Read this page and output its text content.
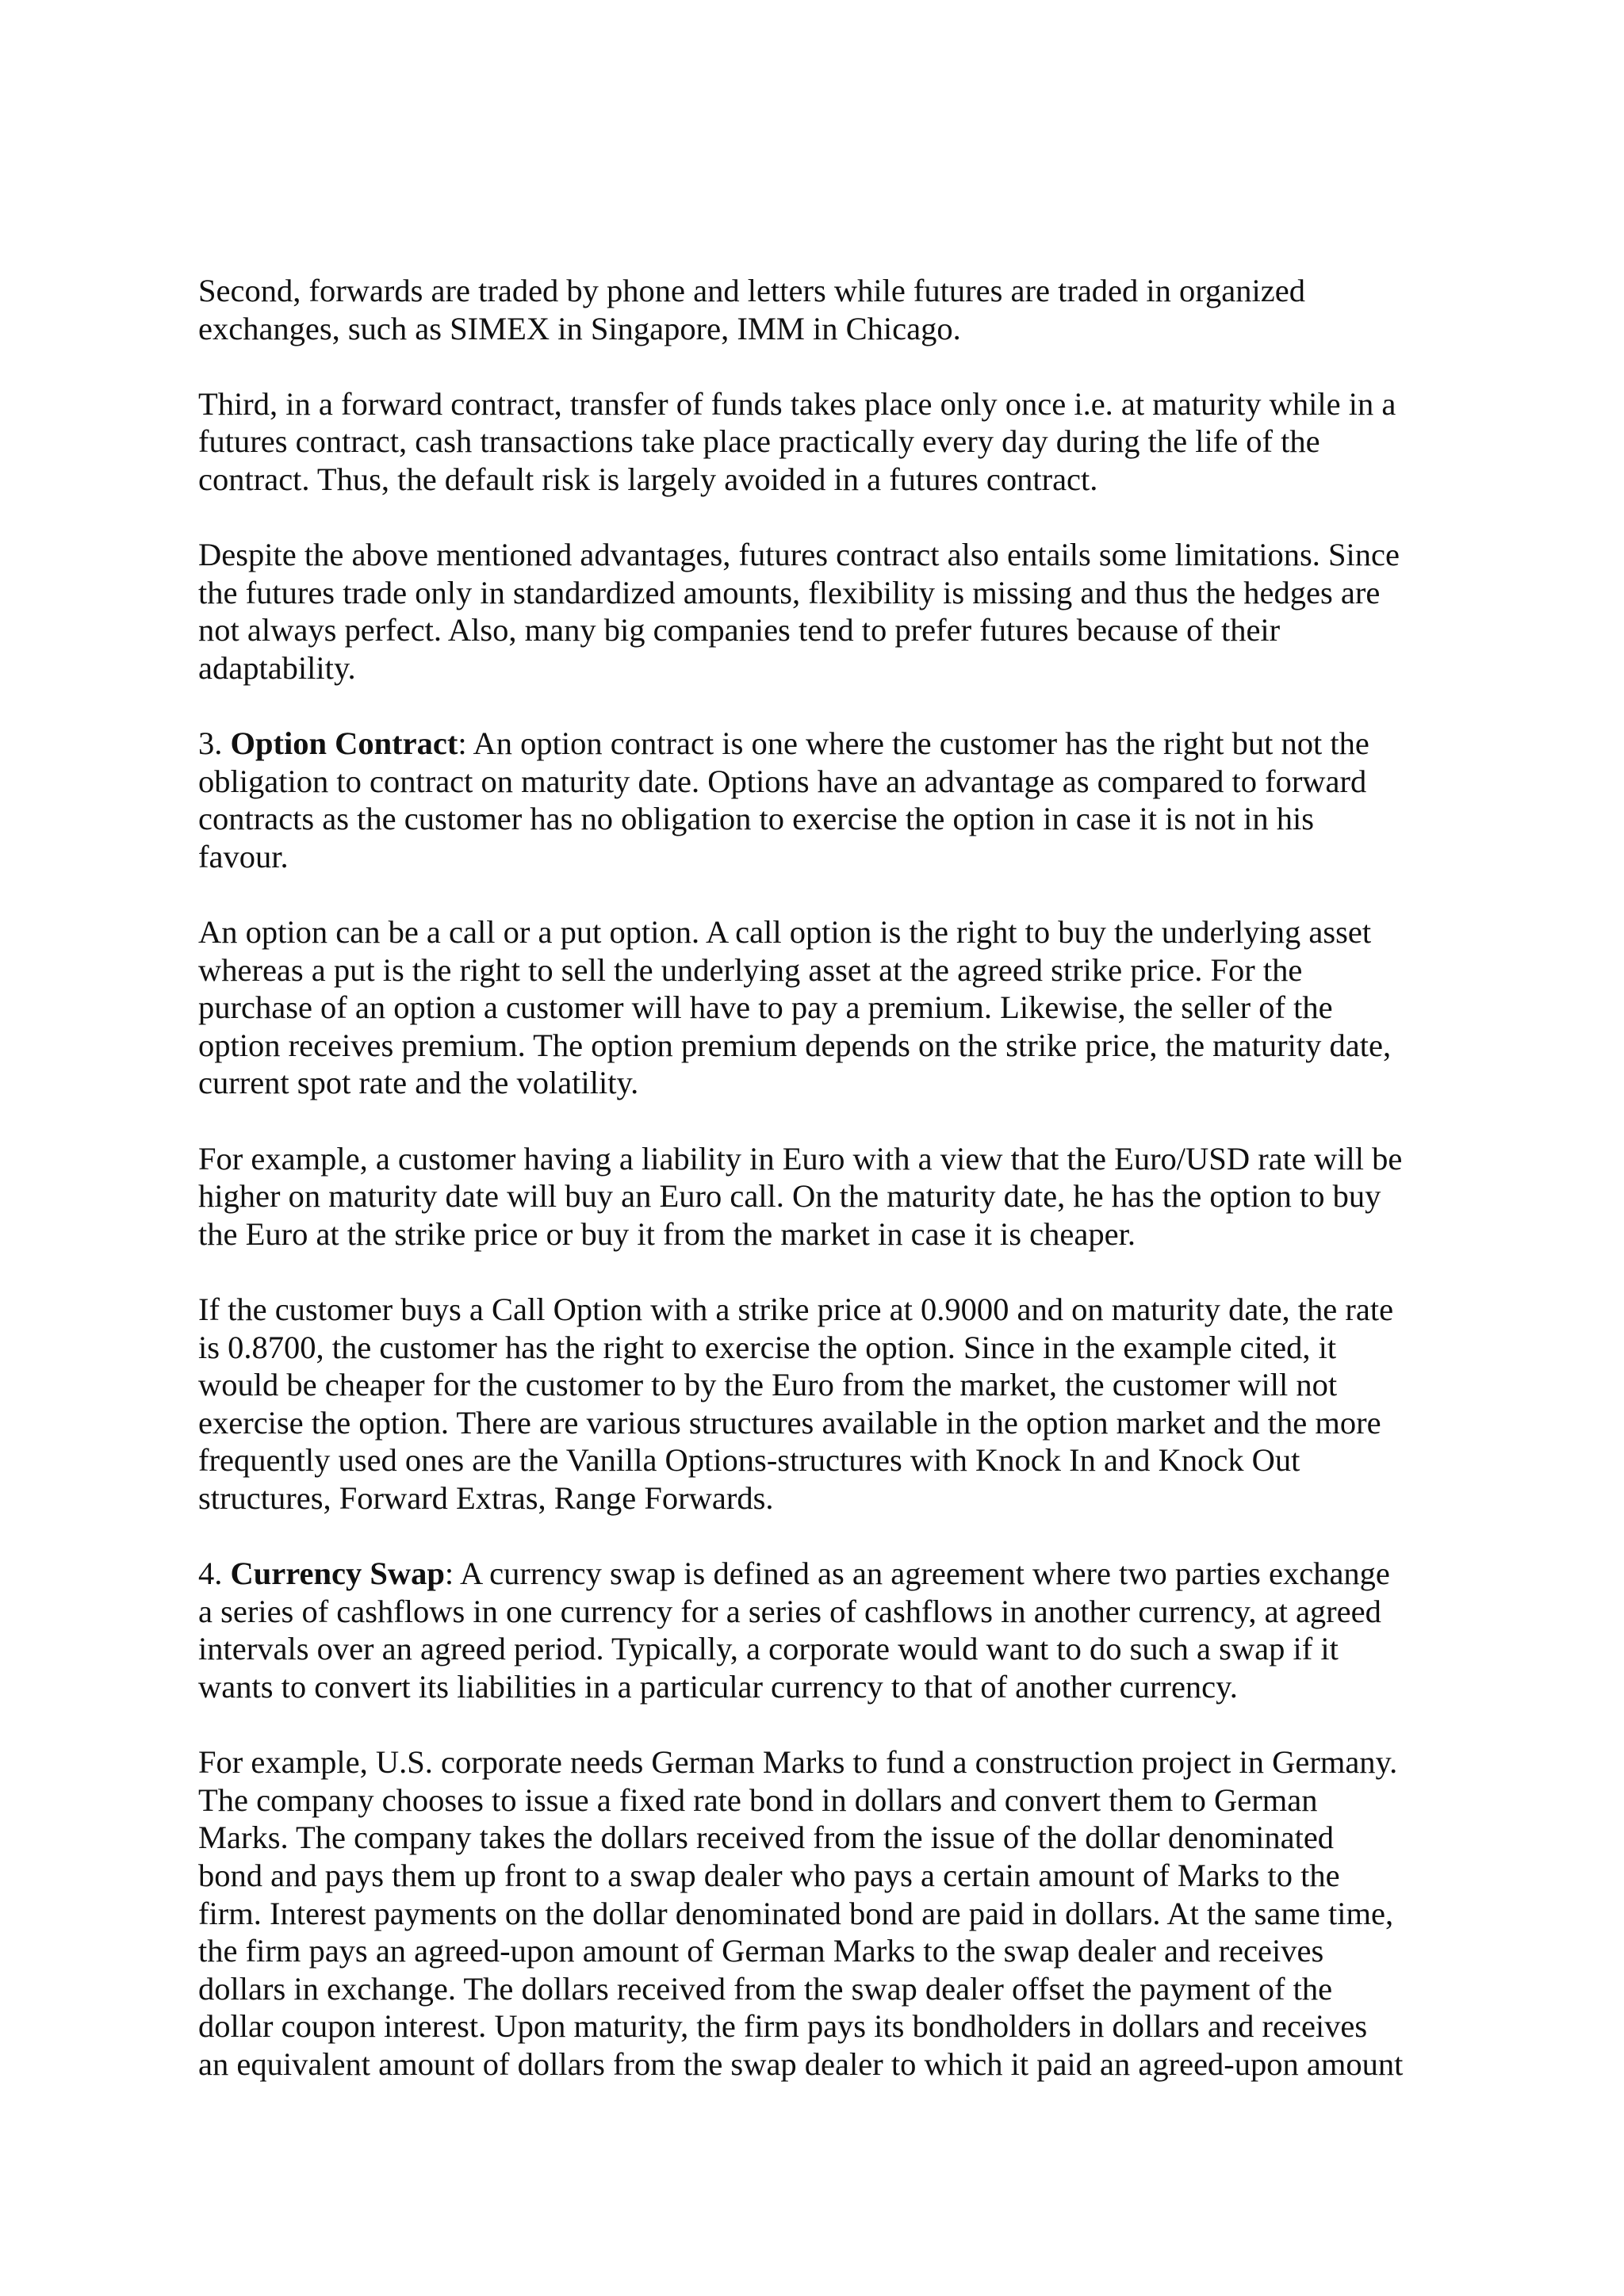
Second, forwards are traded by phone and letters while futures are traded in organized
exchanges, such as SIMEX in Singapore, IMM in Chicago.

Third, in a forward contract, transfer of funds takes place only once i.e. at maturity while in a
futures contract, cash transactions take place practically every day during the life of the
contract. Thus, the default risk is largely avoided in a futures contract.

Despite the above mentioned advantages, futures contract also entails some limitations. Since
the futures trade only in standardized amounts, flexibility is missing and thus the hedges are
not always perfect. Also, many big companies tend to prefer futures because of their
adaptability.

3. Option Contract: An option contract is one where the customer has the right but not the
obligation to contract on maturity date. Options have an advantage as compared to forward
contracts as the customer has no obligation to exercise the option in case it is not in his
favour.

An option can be a call or a put option. A call option is the right to buy the underlying asset
whereas a put is the right to sell the underlying asset at the agreed strike price. For the
purchase of an option a customer will have to pay a premium. Likewise, the seller of the
option receives premium. The option premium depends on the strike price, the maturity date,
current spot rate and the volatility.

For example, a customer having a liability in Euro with a view that the Euro/USD rate will be
higher on maturity date will buy an Euro call. On the maturity date, he has the option to buy
the Euro at the strike price or buy it from the market in case it is cheaper.

If the customer buys a Call Option with a strike price at 0.9000 and on maturity date, the rate
is 0.8700, the customer has the right to exercise the option. Since in the example cited, it
would be cheaper for the customer to by the Euro from the market, the customer will not
exercise the option. There are various structures available in the option market and the more
frequently used ones are the Vanilla Options-structures with Knock In and Knock Out
structures, Forward Extras, Range Forwards.

4. Currency Swap: A currency swap is defined as an agreement where two parties exchange
a series of cashflows in one currency for a series of cashflows in another currency, at agreed
intervals over an agreed period. Typically, a corporate would want to do such a swap if it
wants to convert its liabilities in a particular currency to that of another currency.

For example, U.S. corporate needs German Marks to fund a construction project in Germany.
The company chooses to issue a fixed rate bond in dollars and convert them to German
Marks. The company takes the dollars received from the issue of the dollar denominated
bond and pays them up front to a swap dealer who pays a certain amount of Marks to the
firm. Interest payments on the dollar denominated bond are paid in dollars. At the same time,
the firm pays an agreed-upon amount of German Marks to the swap dealer and receives
dollars in exchange. The dollars received from the swap dealer offset the payment of the
dollar coupon interest. Upon maturity, the firm pays its bondholders in dollars and receives
an equivalent amount of dollars from the swap dealer to which it paid an agreed-upon amount
